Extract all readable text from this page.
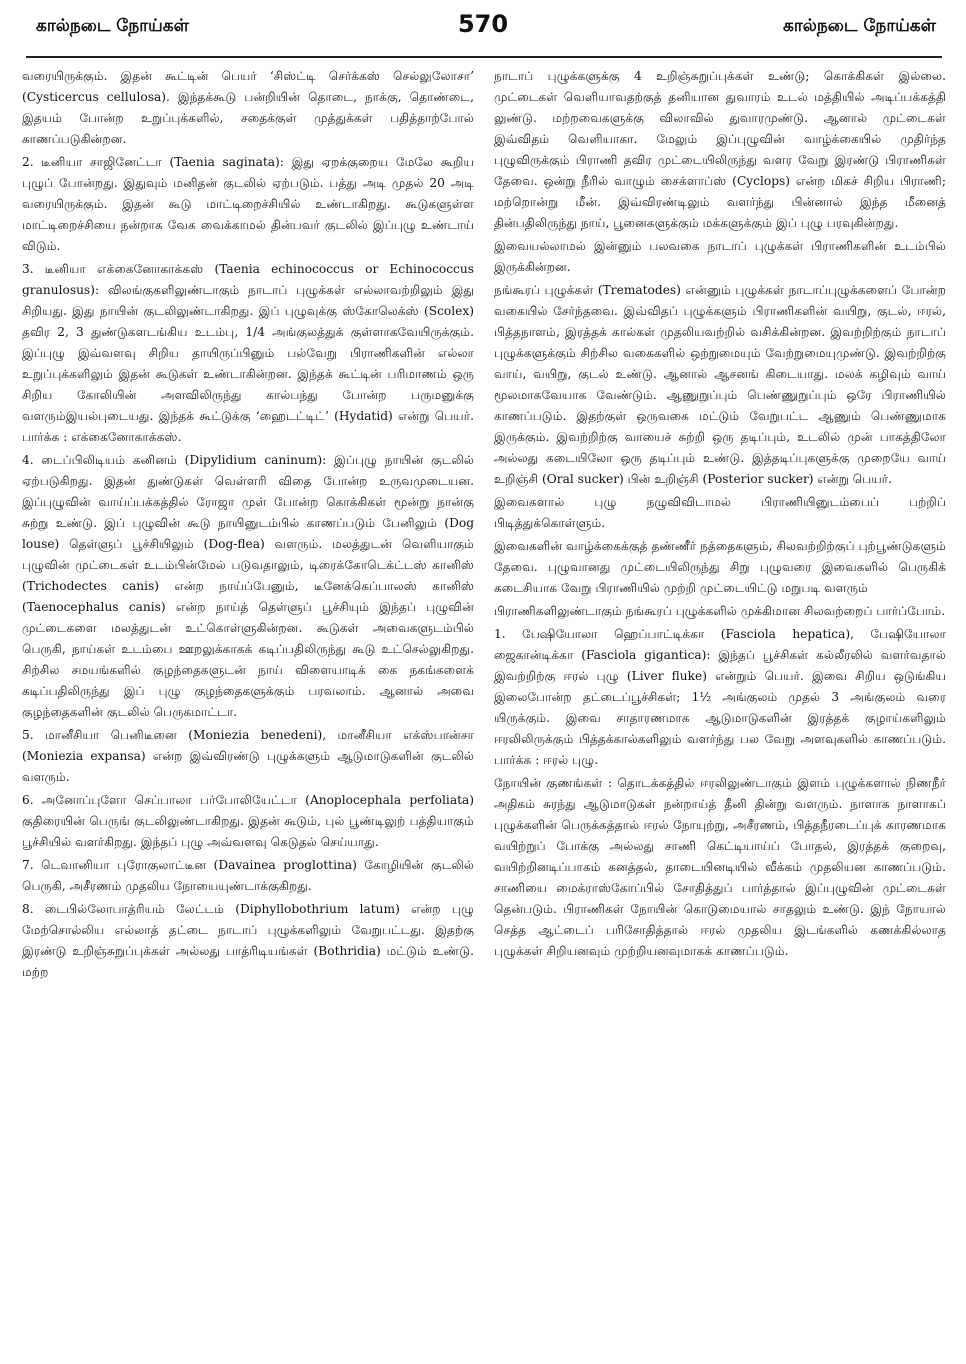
கால்நடை நோய்கள்	570	கால்நடை நோய்கள்

வரையிருக்கும். இதன் கூட்டின் பெயர் ‘சிஸ்ட்டி செர்க்கஸ் செல்லுலோசா’ (Cysticercus cellulosa). இந்தக்கூடு பன்றியின் தொடை, நாக்கு, தொண்டை, இதயம் போன்ற உறுப்புக்களில், சதைக்குள் முத்துக்கள் பதித்தாற்போல் காணப்படுகின்றன.

2. டீனியா சாஜினேட்டா (Taenia saginata): இது ஏறக்குறைய மேலே கூறிய புழுப் போன்றது. இதுவும் மனிதன் குடலில் ஏற்படும். பத்து அடி முதல் 20 அடி வரையிருக்கும். இதன் கூடு மாட்டிறைச்சியில் உண்டாகிறது. கூடுகளுள்ள மாட்டிறைச்சியை நன்றாக வேக வைக்காமல் தின்பவர் குடலில் இப்புழு உண்டாய் விடும்.

3. டீனியா எக்கைனோகாக்கஸ் (Taenia echinococcus or Echinococcus granulosus): விலங்குகளிலுண்டாகும் நாடாப் புழுக்கள் எல்லாவற்றிலும் இது சிறியது. இது நாயின் குடலிலுண்டாகிறது. இப் புழுவுக்கு ஸ்கோலெக்ஸ் (Scolex) தவிர 2, 3 துண்டுகளடங்கிய உடம்பு, 1/4 அங்குலத்துக் குள்ளாகவேயிருக்கும். இப்புழு இவ்வளவு சிறிய தாயிருப்பினும் பல்வேறு பிராணிகளின் எல்லா உறுப்புக்களிலும் இதன் கூடுகள் உண்டாகின்றன. இந்தக் கூட்டின் பரிமாணம் ஒரு சிறிய கோலியின் அளவிலிருந்து கால்பந்து போன்ற பருமனுக்கு வளரும்இயல்புடையது. இந்தக் கூட்டுக்கு ‘ஹைடட்டிட்’ (Hydatid) என்று பெயர். பார்க்க : எக்கைனோகாக்கஸ்.

4. டைப்பிலிடியம் கனினம் (Dipylidium caninum): இப்புழு நாயின் குடலில் ஏற்படுகிறது. இதன் துண்டுகள் வெள்ளரி விதை போன்ற உருவமுடையன. இப்புழுவின் வாய்ப்பக்கத்தில் ரோஜா முள் போன்ற கொக்கிகள் மூன்று நான்கு சுற்று உண்டு. இப் புழுவின் கூடு நாயினுடம்பில் காணப்படும் பேனிலும் (Dog louse) தெள்ளுப் பூச்சியிலும் (Dog-flea) வளரும். மலத்துடன் வெளியாகும் புழுவின் முட்டைகள் உடம்பின்மேல் படுவதாலும், டிரைக்கோடெக்ட்டஸ் கானிஸ் (Trichodectes canis) என்ற நாய்ப்பேனும், டீனேக்கெப்பாலஸ் கானிஸ் (Taenocephalus canis) என்ற நாய்த் தெள்ளுப் பூச்சியும் இந்தப் புழுவின் முட்டைகளை மலத்துடன் உட்கொள்ளுகின்றன. கூடுகள் அவைகளுடம்பில் பெருகி, நாய்கள் உடம்பை ஊறலுக்காகக் கடிப்பதிலிருந்து கூடு உட்செல்லுகிறது. சிற்சில சமயங்களில் குழந்தைகளுடன் நாய் விளையாடிக் கை நகங்களைக் கடிப்பதிலிருந்து இப் புழு குழந்தைகளுக்கும் பரவலாம். ஆனால் அவை குழந்தைகளின் குடலில் பெருகமாட்டா.

5. மானீசியா பெனிடீனை (Moniezia benedeni), மானீசியா எக்ஸ்பான்சா (Moniezia expansa) என்ற இவ்விரண்டு புழுக்களும் ஆடுமாடுகளின் குடலில் வளரும்.

6. அனோப்புளோ செப்பாலா பர்போலியேட்டா (Anoplocephala perfoliata) குதிரையின் பெருங் குடலிலுண்டாகிறது. இதன் கூடும், புல் பூண்டிலுற் பத்தியாகும் பூச்சியில் வளர்கிறது. இந்தப் புழு அவ்வளவு கெடுதல் செய்யாது.

7. டெவானியா புரோகுலாட்டீன (Davainea proglottina) கோழியின் குடலில் பெருகி, அசீரணம் முதலிய நோயையுண்டாக்குகிறது.

8. டைபில்லோபாத்ரியம் லேட்டம் (Diphyllobothrium latum) என்ற புழு மேற்சொல்லிய எல்லாத் தட்டை நாடாப் புழுக்களிலும் வேறுபட்டது. இதற்கு இரண்டு உறிஞ்சுறுப்புக்கள் அல்லது பாத்ரிடியங்கள் (Bothridia) மட்டும் உண்டு. மற்ற

நாடாப் புழுக்களுக்கு 4 உறிஞ்சுறுப்புக்கள் உண்டு; கொக்கிகள் இல்லை. முட்டைகள் வெளியாவதற்குத் தனியான துவாரம் உடல் மத்தியில் அடிப்பக்கத்தி லுண்டு. மற்றவைகளுக்கு விலாவில் துவாரமுண்டு. ஆனால் முட்டைகள் இவ்விதம் வெளியாகா. மேலும் இப்புழுவின் வாழ்க்கையில் முதிர்ந்த புழுவிருக்கும் பிராணி தவிர முட்டையிலிருந்து வளர வேறு இரண்டு பிராணிகள் தேவை. ஒன்று நீரில் வாழும் சைக்ளாப்ஸ் (Cyclops) என்ற மிகச் சிறிய பிராணி; மற்றொன்று மீன். இவ்விரண்டிலும் வளர்ந்து பின்னால் இந்த மீனைத் தின்பதிலிருந்து நாய், பூனைகளுக்கும் மக்களுக்கும் இப் புழு பரவுகின்றது.

இவையல்லாமல் இன்னும் பலவகை நாடாப் புழுக்கள் பிராணிகளின் உடம்பில் இருக்கின்றன.

நங்கூரப் புழுக்கள் (Trematodes) என்னும் புழுக்கள் நாடாப்புழுக்களைப் போன்ற வகையில் சேர்ந்தவை. இவ்விதப் புழுக்களும் பிராணிகளின் வயிறு, குடல், ஈரல், பித்தநாளம், இரத்தக் கால்கள் முதலியவற்றில் வசிக்கின்றன. இவற்றிற்கும் நாடாப் புழுக்களுக்கும் சிற்சில வகைகளில் ஒற்றுமையும் வேற்றுமையுமுண்டு. இவற்றிற்கு வாய், வயிறு, குடல் உண்டு. ஆனால் ஆசனங் கிடையாது. மலக் கழிவும் வாய் மூலமாகவேயாக வேண்டும். ஆணுறுப்பும் பெண்ணுறுப்பும் ஒரே பிராணியில் காணப்படும். இதற்குள் ஒருவகை மட்டும் வேறுபட்ட ஆணும் பெண்ணுமாக இருக்கும். இவற்றிற்கு வாயைச் சுற்றி ஒரு தடிப்பும், உடலில் முன் பாகத்திலோ அல்லது கடையிலோ ஒரு தடிப்பும் உண்டு. இத்தடிப்புகளுக்கு முறையே வாய் உறிஞ்சி (Oral sucker) பின் உறிஞ்சி (Posterior sucker) என்று பெயர்.

இவைகளால் புழு நழுவிவிடாமல் பிராணியினுடம்பைப் பற்றிப் பிடித்துக்கொள்ளும்.

இவைகளின் வாழ்க்கைக்குத் தண்ணீர் நத்தைகளும், சிலவற்றிற்குப் புற்பூண்டுகளும் தேவை. புழுவானது முட்டையிலிருந்து சிறு புழுவரை இவைகளில் பெருகிக் கடைசியாக வேறு பிராணியில் முற்றி முட்டையிட்டு மறுபடி வளரும்

பிராணிகளிலுண்டாகும் நங்கூரப் புழுக்களில் முக்கிமான சிலவற்றைப் பார்ப்போம்.

1. பேஷியோலா ஹெப்பாட்டிக்கா (Fasciola hepatica), பேஷியோலா ஜைகான்டிக்கா (Fasciola gigantica): இந்தப் பூச்சிகள் கல்லீரலில் வளர்வதால் இவற்றிற்கு ஈரல் புழு (Liver fluke) என்றும் பெயர். இவை சிறிய ஒடுங்கிய இலைபோன்ற தட்டைப்பூச்சிகள்; 1½ அங்குலம் முதல் 3 அங்குலம் வரை யிருக்கும். இவை சாதாரணமாக ஆடுமாடுகளின் இரத்தக் குழாய்களிலும் ஈரலிலிருக்கும் பித்தக்கால்களிலும் வளர்ந்து பல வேறு அளவுகளில் காணப்படும். பார்க்க : ஈரல் புழு.

நோயின் குணங்கள் : தொடக்கத்தில் ஈரலிலுண்டாகும் இளம் புழுக்களால் நிணநீர் அதிகம் சுரந்து ஆடுமாடுகள் நன்றாய்த் தீனி தின்று வளரும். நாளாக நாளாகப் புழுக்களின் பெருக்கத்தால் ஈரல் நோயுற்று, அசீரணம், பித்தநீரடைப்புக் காரணமாக வயிற்றுப் போக்கு அல்லது சாணி கெட்டியாய்ப் போதல், இரத்தக் குறைவு, வயிற்றினடிப்பாகம் கனத்தல், தாடையினடியில் வீக்கம் முதலியன காணப்படும். சாணியை மைக்ராஸ்கோப்பில் சோதித்துப் பார்த்தால் இப்புழுவின் முட்டைகள் தென்படும். பிராணிகள் நோயின் கொடுமையால் சாதலும் உண்டு. இந் நோயால் செத்த ஆட்டைப் பரிசோதித்தால் ஈரல் முதலிய இடங்களில் கணக்கில்லாத புழுக்கள் சிறியனவும் முற்றியனவுமாகக் காணப்படும்.
